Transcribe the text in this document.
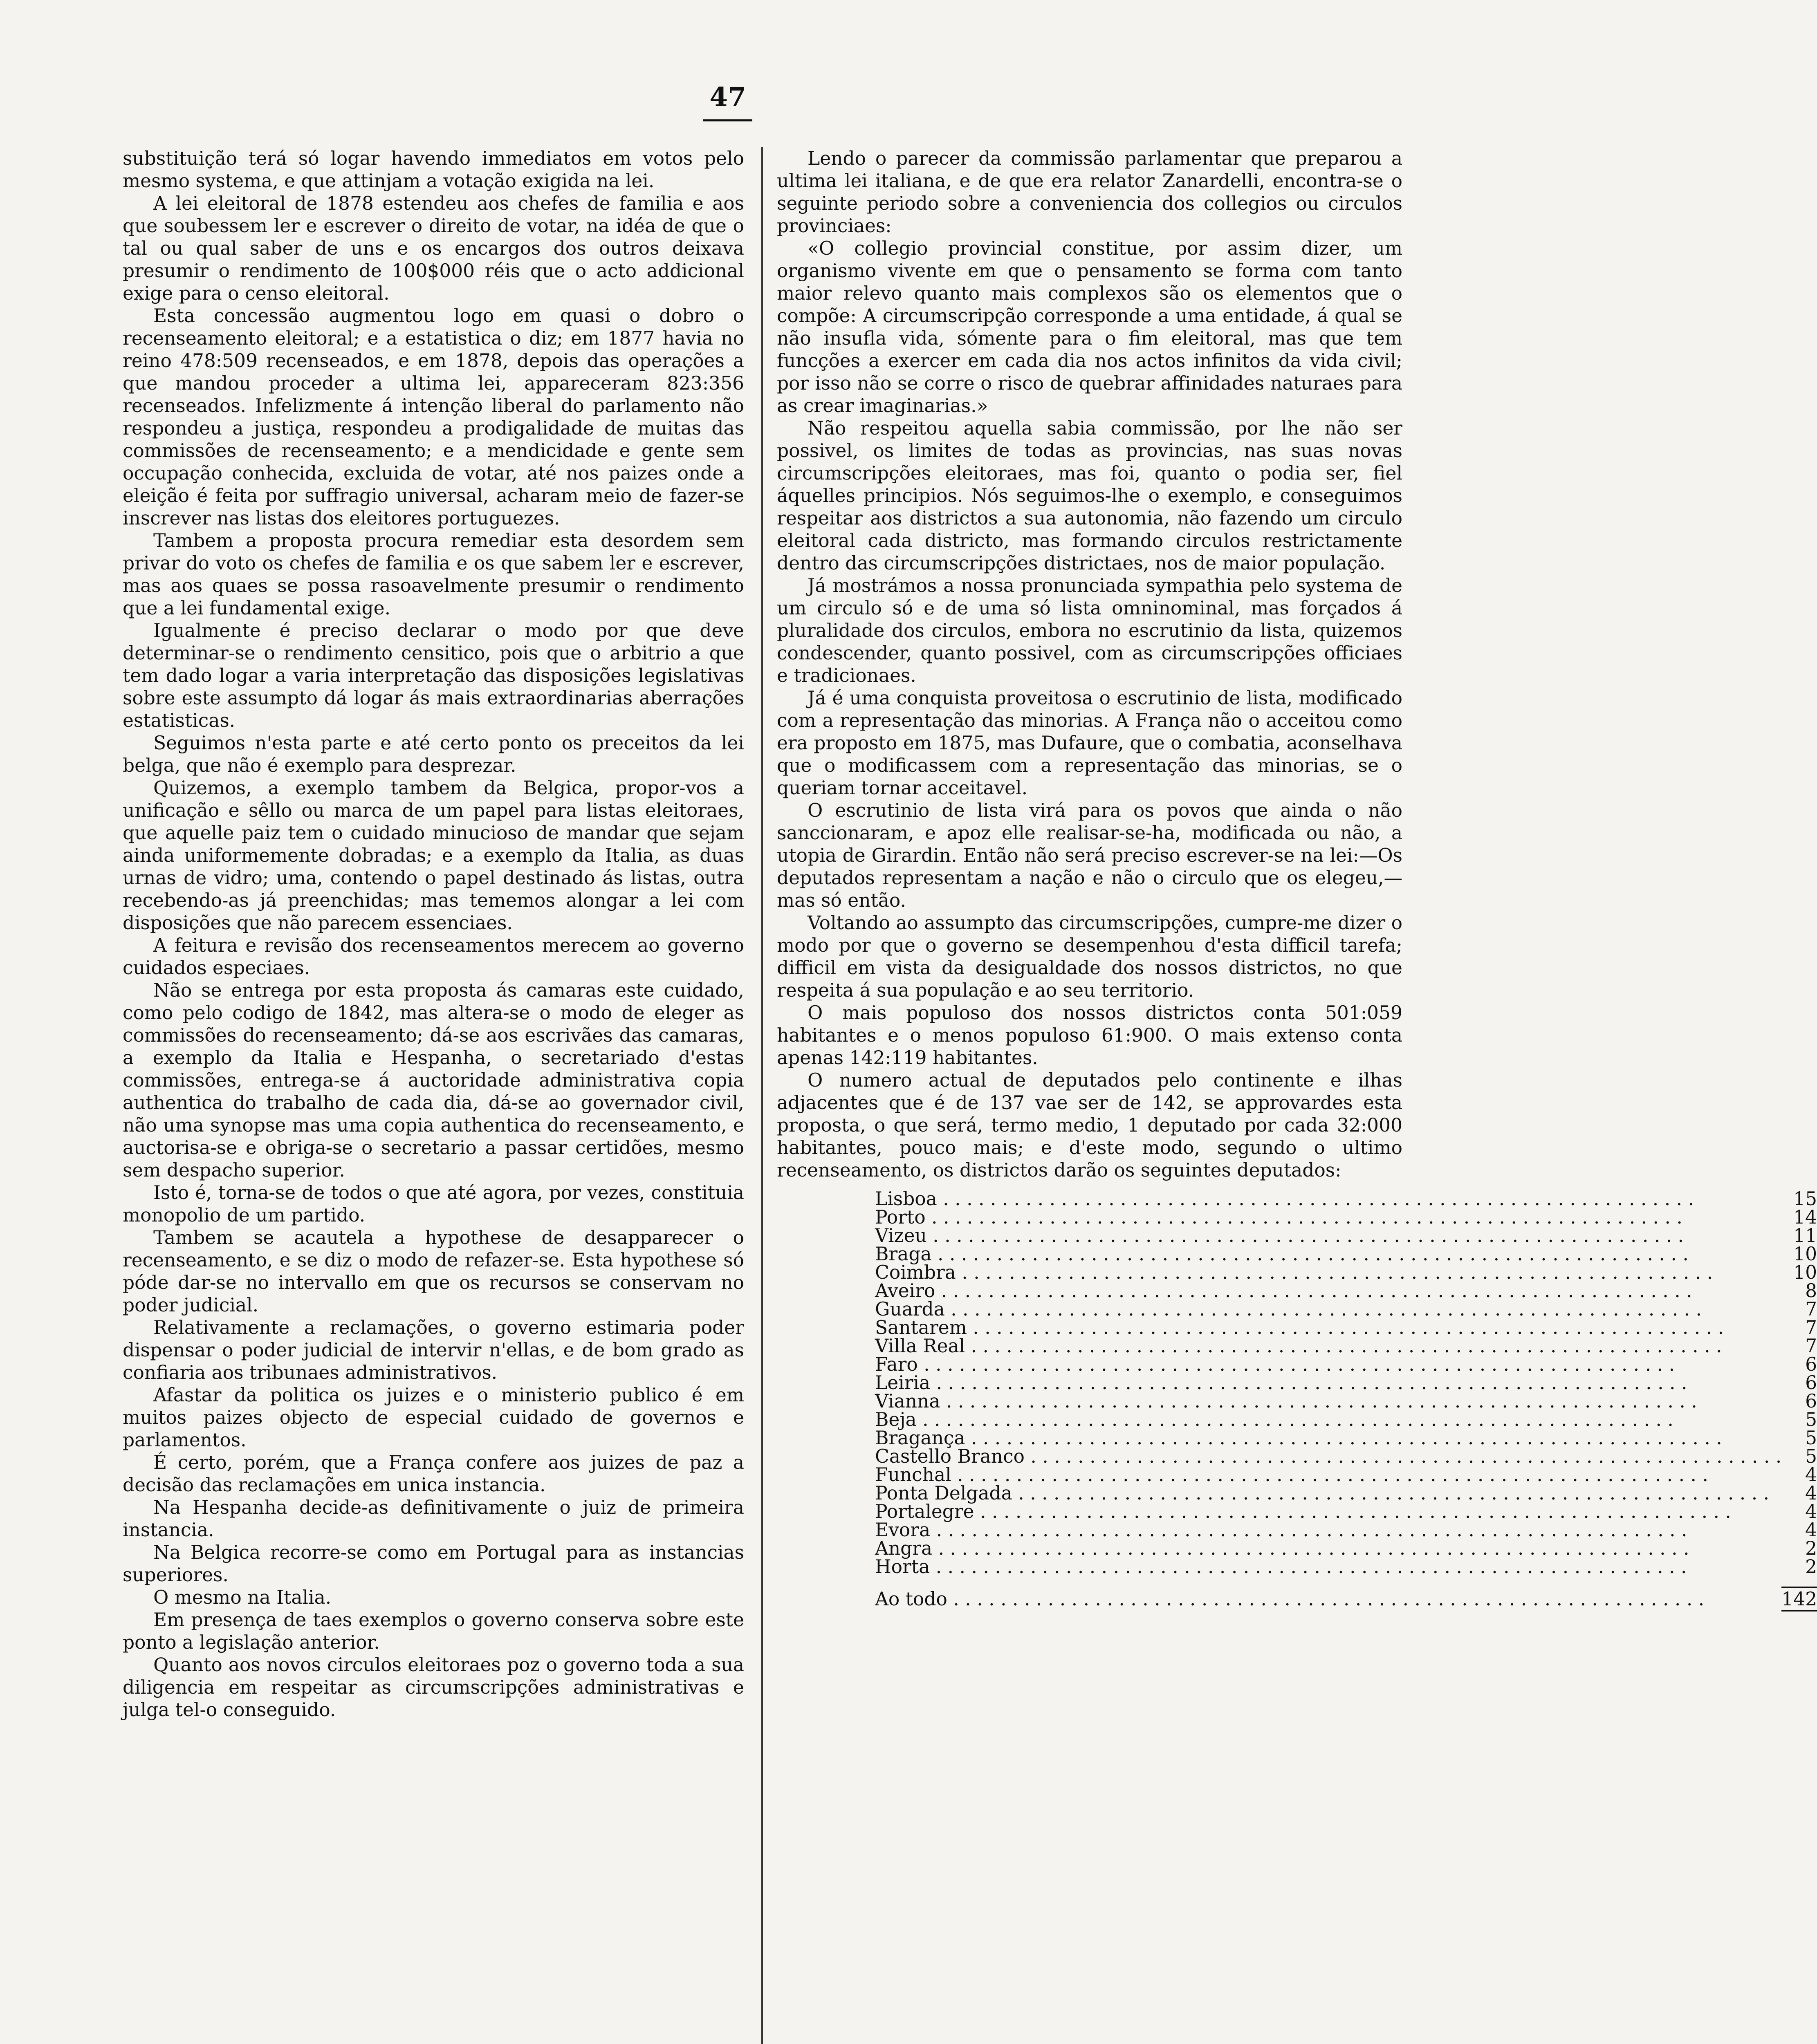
47

substituição terá só logar havendo immediatos em votos pelo mesmo systema, e que attinjam a votação exigida na lei.

A lei eleitoral de 1878 estendeu aos chefes de familia e aos que soubessem ler e escrever o direito de votar, na idéa de que o tal ou qual saber de uns e os encargos dos outros deixava presumir o rendimento de 100$000 réis que o acto addicional exige para o censo eleitoral.

Esta concessão augmentou logo em quasi o dobro o recenseamento eleitoral; e a estatistica o diz; em 1877 havia no reino 478:509 recenseados, e em 1878, depois das operações a que mandou proceder a ultima lei, appareceram 823:356 recenseados. Infelizmente á intenção liberal do parlamento não respondeu a justiça, respondeu a prodigalidade de muitas das commissões de recenseamento; e a mendicidade e gente sem occupação conhecida, excluida de votar, até nos paizes onde a eleição é feita por suffragio universal, acharam meio de fazer-se inscrever nas listas dos eleitores portuguezes.

Tambem a proposta procura remediar esta desordem sem privar do voto os chefes de familia e os que sabem ler e escrever, mas aos quaes se possa rasoavelmente presumir o rendimento que a lei fundamental exige.

Igualmente é preciso declarar o modo por que deve determinar-se o rendimento censitico, pois que o arbitrio a que tem dado logar a varia interpretação das disposições legislativas sobre este assumpto dá logar ás mais extraordinarias aberrações estatisticas.

Seguimos n'esta parte e até certo ponto os preceitos da lei belga, que não é exemplo para desprezar.

Quizemos, a exemplo tambem da Belgica, propor-vos a unificação e sêllo ou marca de um papel para listas eleitoraes, que aquelle paiz tem o cuidado minucioso de mandar que sejam ainda uniformemente dobradas; e a exemplo da Italia, as duas urnas de vidro; uma, contendo o papel destinado ás listas, outra recebendo-as já preenchidas; mas tememos alongar a lei com disposições que não parecem essenciaes.

A feitura e revisão dos recenseamentos merecem ao governo cuidados especiaes.

Não se entrega por esta proposta ás camaras este cuidado, como pelo codigo de 1842, mas altera-se o modo de eleger as commissões do recenseamento; dá-se aos escrivães das camaras, a exemplo da Italia e Hespanha, o secretariado d'estas commissões, entrega-se á auctoridade administrativa copia authentica do trabalho de cada dia, dá-se ao governador civil, não uma synopse mas uma copia authentica do recenseamento, e auctorisa-se e obriga-se o secretario a passar certidões, mesmo sem despacho superior.

Isto é, torna-se de todos o que até agora, por vezes, constituia monopolio de um partido.

Tambem se acautela a hypothese de desapparecer o recenseamento, e se diz o modo de refazer-se. Esta hypothese só póde dar-se no intervallo em que os recursos se conservam no poder judicial.

Relativamente a reclamações, o governo estimaria poder dispensar o poder judicial de intervir n'ellas, e de bom grado as confiaria aos tribunaes administrativos.

Afastar da politica os juizes e o ministerio publico é em muitos paizes objecto de especial cuidado de governos e parlamentos.

É certo, porém, que a França confere aos juizes de paz a decisão das reclamações em unica instancia.

Na Hespanha decide-as definitivamente o juiz de primeira instancia.

Na Belgica recorre-se como em Portugal para as instancias superiores.

O mesmo na Italia.

Em presença de taes exemplos o governo conserva sobre este ponto a legislação anterior.

Quanto aos novos circulos eleitoraes poz o governo toda a sua diligencia em respeitar as circumscripções administrativas e julga tel-o conseguido.

Lendo o parecer da commissão parlamentar que preparou a ultima lei italiana, e de que era relator Zanardelli, encontra-se o seguinte periodo sobre a conveniencia dos collegios ou circulos provinciaes:

«O collegio provincial constitue, por assim dizer, um organismo vivente em que o pensamento se forma com tanto maior relevo quanto mais complexos são os elementos que o compõe: A circumscripção corresponde a uma entidade, á qual se não insufla vida, sómente para o fim eleitoral, mas que tem funcções a exercer em cada dia nos actos infinitos da vida civil; por isso não se corre o risco de quebrar affinidades naturaes para as crear imaginarias.»

Não respeitou aquella sabia commissão, por lhe não ser possivel, os limites de todas as provincias, nas suas novas circumscripções eleitoraes, mas foi, quanto o podia ser, fiel áquelles principios. Nós seguimos-lhe o exemplo, e conseguimos respeitar aos districtos a sua autonomia, não fazendo um circulo eleitoral cada districto, mas formando circulos restrictamente dentro das circumscripções districtaes, nos de maior população.

Já mostrámos a nossa pronunciada sympathia pelo systema de um circulo só e de uma só lista omninominal, mas forçados á pluralidade dos circulos, embora no escrutinio da lista, quizemos condescender, quanto possivel, com as circumscripções officiaes e tradicionaes.

Já é uma conquista proveitosa o escrutinio de lista, modificado com a representação das minorias. A França não o acceitou como era proposto em 1875, mas Dufaure, que o combatia, aconselhava que o modificassem com a representação das minorias, se o queriam tornar acceitavel.

O escrutinio de lista virá para os povos que ainda o não sanccionaram, e apoz elle realisar-se-ha, modificada ou não, a utopia de Girardin. Então não será preciso escrever-se na lei:—Os deputados representam a nação e não o circulo que os elegeu,—mas só então.

Voltando ao assumpto das circumscripções, cumpre-me dizer o modo por que o governo se desempenhou d'esta difficil tarefa; difficil em vista da desigualdade dos nossos districtos, no que respeita á sua população e ao seu territorio.

O mais populoso dos nossos districtos conta 501:059 habitantes e o menos populoso 61:900. O mais extenso conta apenas 142:119 habitantes.

O numero actual de deputados pelo continente e ilhas adjacentes que é de 137 vae ser de 142, se approvardes esta proposta, o que será, termo medio, 1 deputado por cada 32:000 habitantes, pouco mais; e d'este modo, segundo o ultimo recenseamento, os districtos darão os seguintes deputados:

Lisboa . . .	15
Porto . . .	14
Vizeu . . .	11
Braga . . .	10
Coimbra . . .	10
Aveiro . . .	8
Guarda . . .	7
Santarem . . .	7
Villa Real . . .	7
Faro . . .	6
Leiria . . .	6
Vianna . . .	6
Beja . . .	5
Bragança . . .	5
Castello Branco . . .	5
Funchal . . .	4
Ponta Delgada . . .	4
Portalegre . . .	4
Evora . . .	4
Angra . . .	2
Horta . . .	2
Ao todo . . .	142
